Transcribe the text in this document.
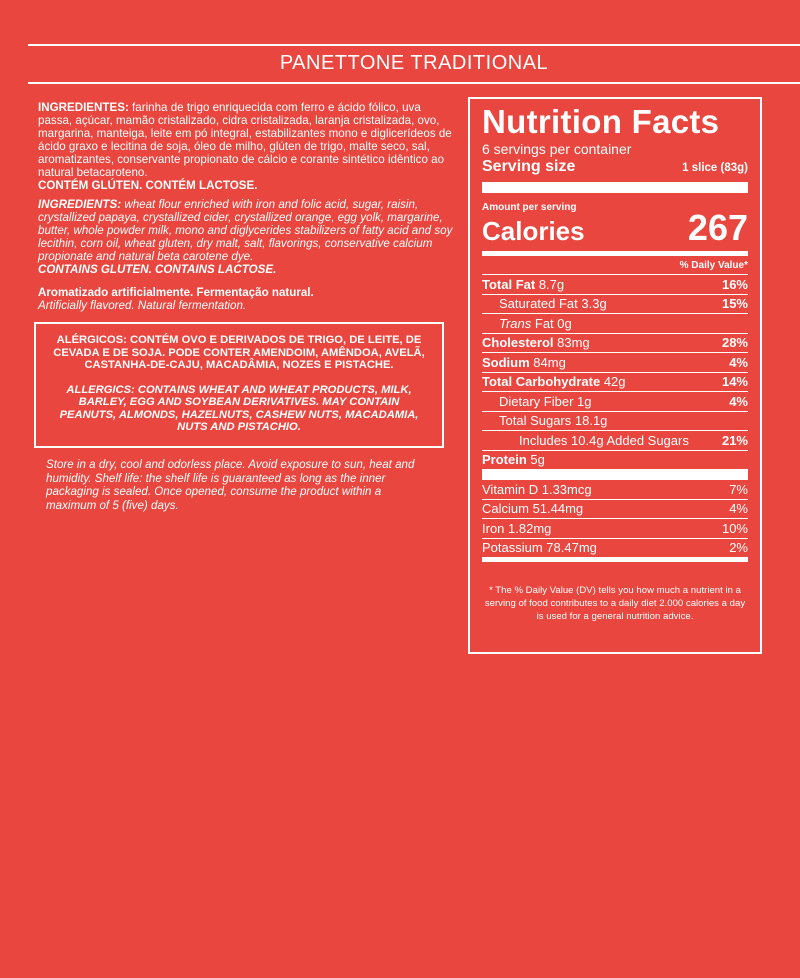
PANETTONE TRADITIONAL

INGREDIENTES: farinha de trigo enriquecida com ferro e ácido fólico, uva passa, açúcar, mamão cristalizado, cidra cristalizada, laranja cristalizada, ovo, margarina, manteiga, leite em pó integral, estabilizantes mono e diglicerídeos de ácido graxo e lecitina de soja, óleo de milho, glúten de trigo, malte seco, sal, aromatizantes, conservante propionato de cálcio e corante sintético idêntico ao natural betacaroteno.

CONTÉM GLÚTEN. CONTÉM LACTOSE.

INGREDIENTS: wheat flour enriched with iron and folic acid, sugar, raisin, crystallized papaya, crystallized cider, crystallized orange, egg yolk, margarine, butter, whole powder milk, mono and diglycerides stabilizers of fatty acid and soy lecithin, corn oil, wheat gluten, dry malt, salt, flavorings, conservative calcium propionate and natural beta carotene dye.

CONTAINS GLUTEN. CONTAINS LACTOSE.

Aromatizado artificialmente. Fermentação natural.

Artificially flavored. Natural fermentation.

ALÉRGICOS: CONTÉM OVO E DERIVADOS DE TRIGO, DE LEITE, DE CEVADA E DE SOJA. PODE CONTER AMENDOIM, AMÊNDOA, AVELÃ, CASTANHA-DE-CAJU, MACADÂMIA, NOZES E PISTACHE.

ALLERGICS: CONTAINS WHEAT AND WHEAT PRODUCTS, MILK, BARLEY, EGG AND SOYBEAN DERIVATIVES. MAY CONTAIN PEANUTS, ALMONDS, HAZELNUTS, CASHEW NUTS, MACADAMIA, NUTS AND PISTACHIO.

Store in a dry, cool and odorless place. Avoid exposure to sun, heat and humidity. Shelf life: the shelf life is guaranteed as long as the inner packaging is sealed. Once opened, consume the product within a maximum of 5 (five) days.
Nutrition Facts
6 servings per container
Serving size	1 slice (83g)
Amount per serving
Calories	267
% Daily Value*
Total Fat 8.7g	16%
Saturated Fat 3.3g	15%
Trans Fat 0g
Cholesterol 83mg	28%
Sodium 84mg	4%
Total Carbohydrate 42g	14%
Dietary Fiber 1g	4%
Total Sugars 18.1g
Includes 10.4g Added Sugars	21%
Protein 5g
Vitamin D 1.33mcg	7%
Calcium 51.44mg	4%
Iron 1.82mg	10%
Potassium 78.47mg	2%
* The % Daily Value (DV) tells you how much a nutrient in a serving of food contributes to a daily diet 2.000 calories a day is used for a general nutrition advice.
